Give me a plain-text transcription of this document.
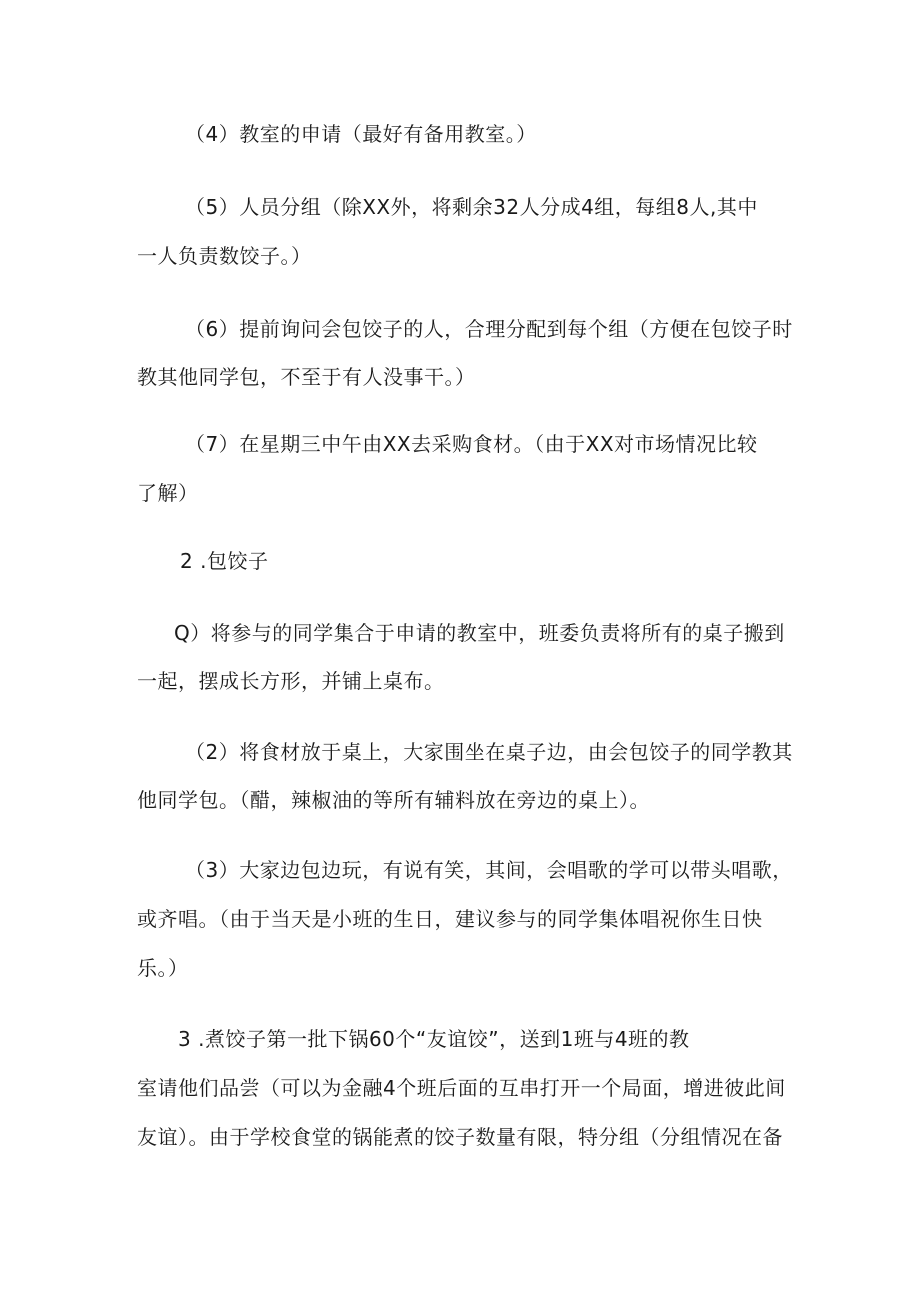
（4）教室的申请（最好有备用教室。）
（5）人员分组（除XX外，将剩余32人分成4组，每组8人,其中
一人负责数饺子。）
（6）提前询问会包饺子的人，合理分配到每个组（方便在包饺子时
教其他同学包，不至于有人没事干。）
（7）在星期三中午由XX去采购食材。（由于XX对市场情况比较
了解）
2 .包饺子
Q）将参与的同学集合于申请的教室中，班委负责将所有的桌子搬到
一起，摆成长方形，并铺上桌布。
（2）将食材放于桌上，大家围坐在桌子边，由会包饺子的同学教其
他同学包。（醋，辣椒油的等所有辅料放在旁边的桌上）。
（3）大家边包边玩，有说有笑，其间，会唱歌的学可以带头唱歌，
或齐唱。（由于当天是小班的生日，建议参与的同学集体唱祝你生日快
乐。）
3 .煮饺子第一批下锅60个“友谊饺”，送到1班与4班的教
室请他们品尝（可以为金融4个班后面的互串打开一个局面，增进彼此间
友谊）。由于学校食堂的锅能煮的饺子数量有限，特分组（分组情况在备
